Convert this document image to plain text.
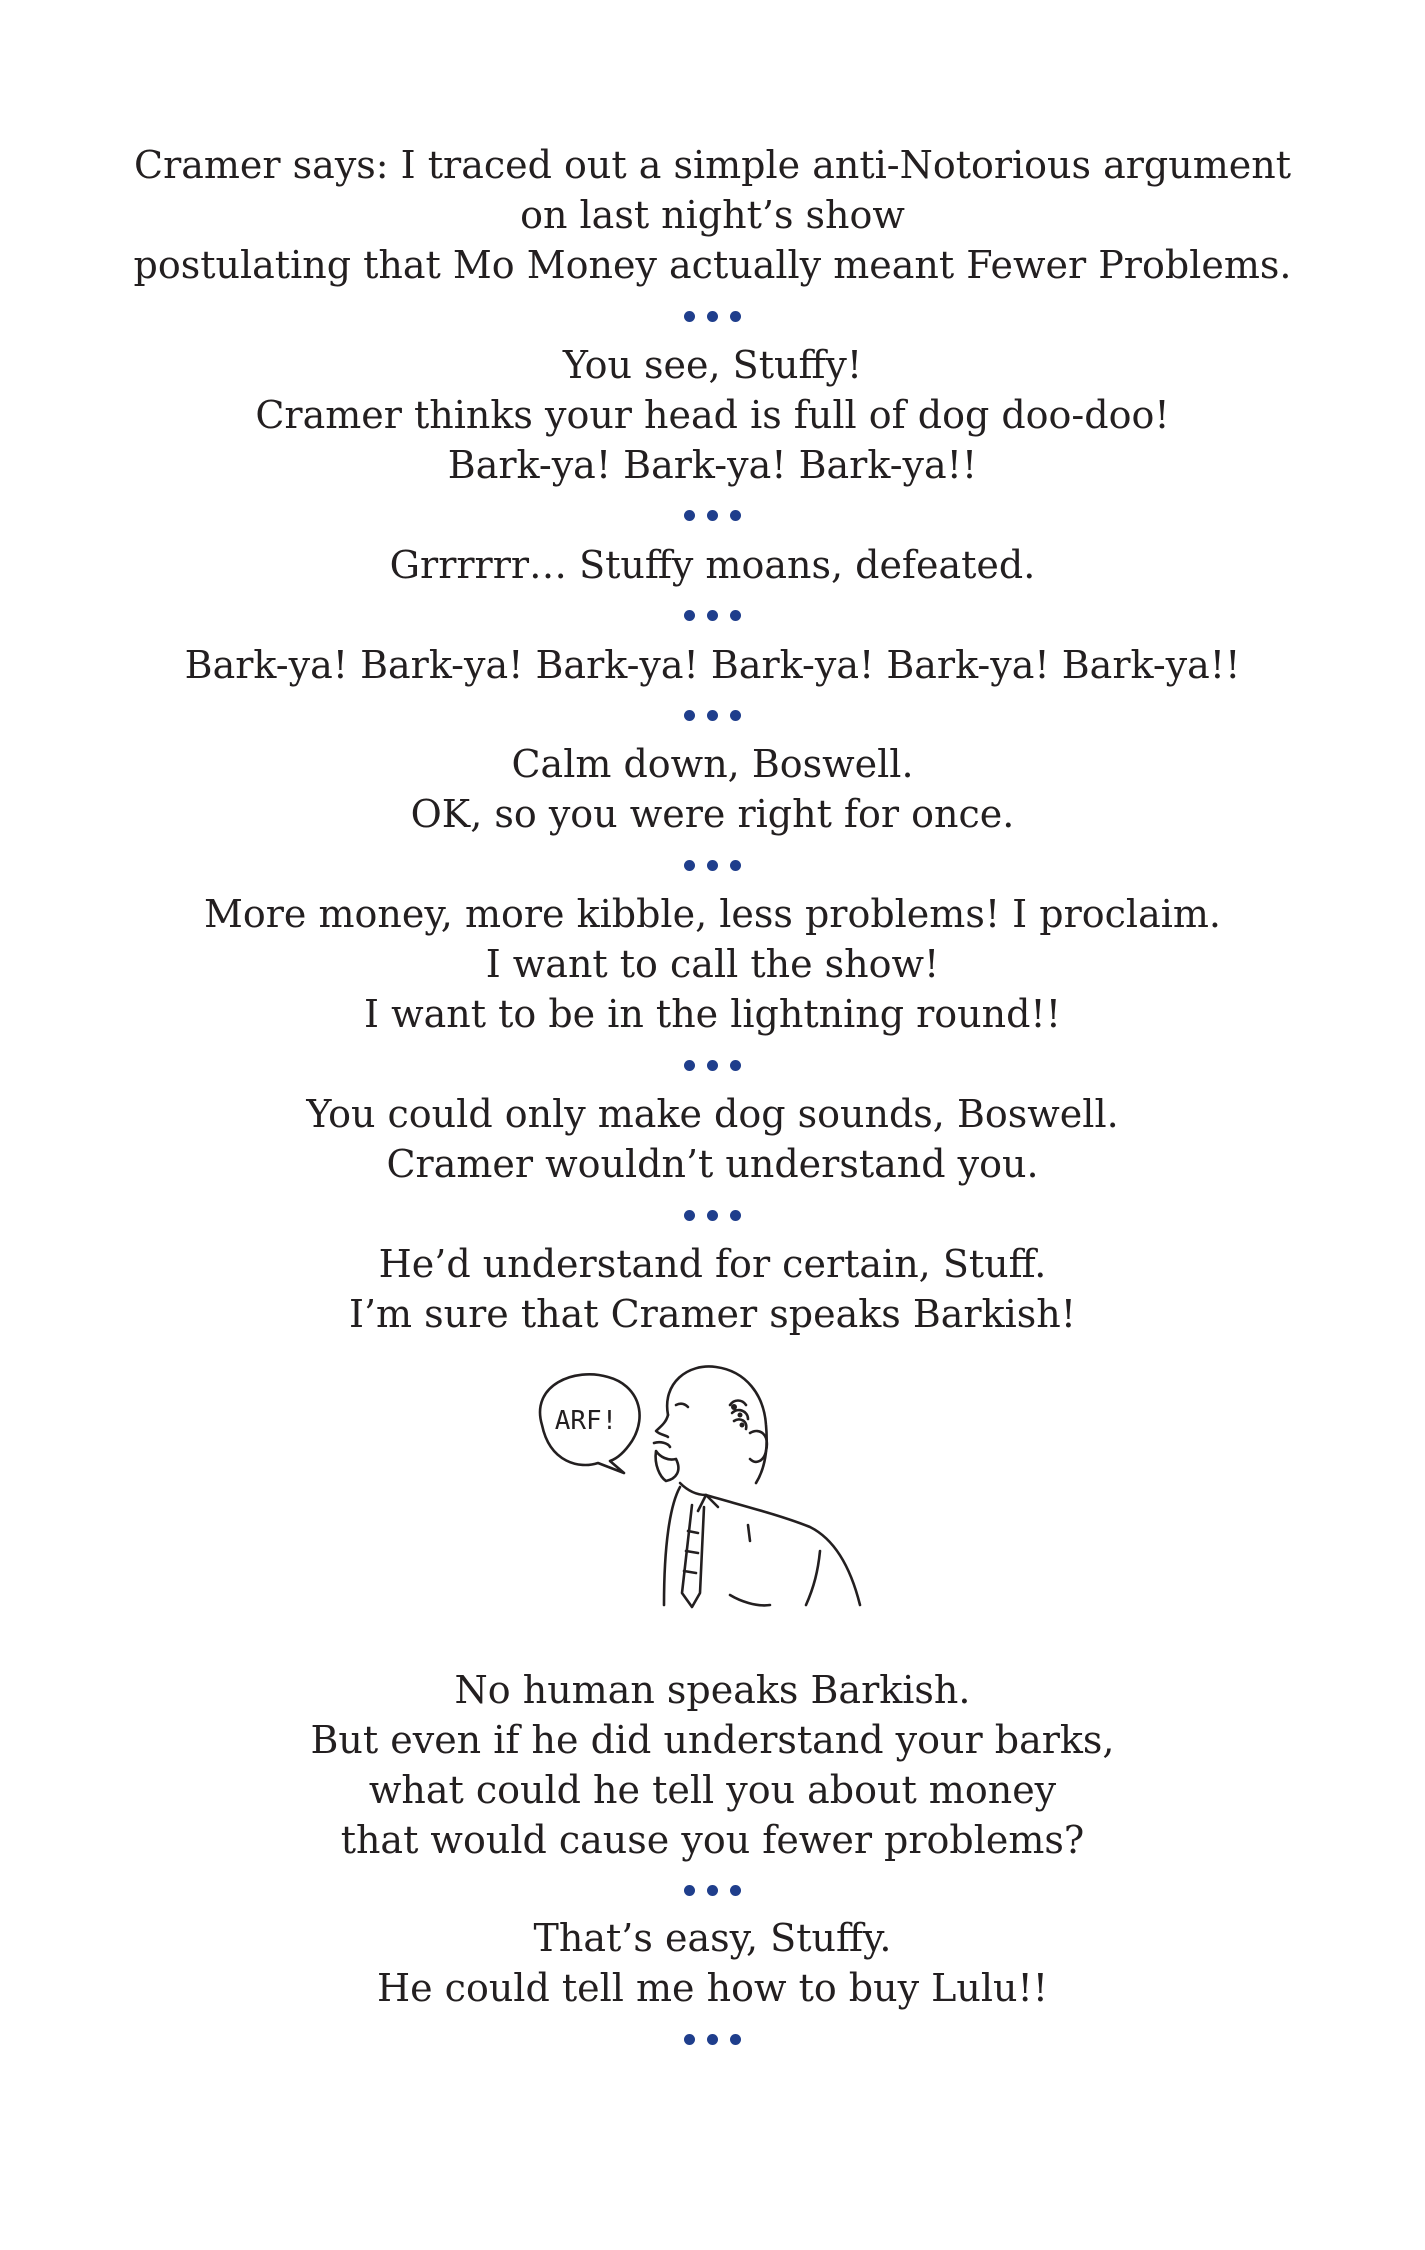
Cramer says: I traced out a simple anti-Notorious argument
on last night’s show
postulating that Mo Money actually meant Fewer Problems.
You see, Stuffy!
Cramer thinks your head is full of dog doo-doo!
Bark-ya! Bark-ya! Bark-ya!!
Grrrrrr… Stuffy moans, defeated.
Bark-ya! Bark-ya! Bark-ya! Bark-ya! Bark-ya! Bark-ya!!
Calm down, Boswell.
OK, so you were right for once.
More money, more kibble, less problems! I proclaim.
I want to call the show!
I want to be in the lightning round!!
You could only make dog sounds, Boswell.
Cramer wouldn’t understand you.
He’d understand for certain, Stuff.
I’m sure that Cramer speaks Barkish!
ARF!
No human speaks Barkish.
But even if he did understand your barks,
what could he tell you about money
that would cause you fewer problems?
That’s easy, Stuffy.
He could tell me how to buy Lulu!!
